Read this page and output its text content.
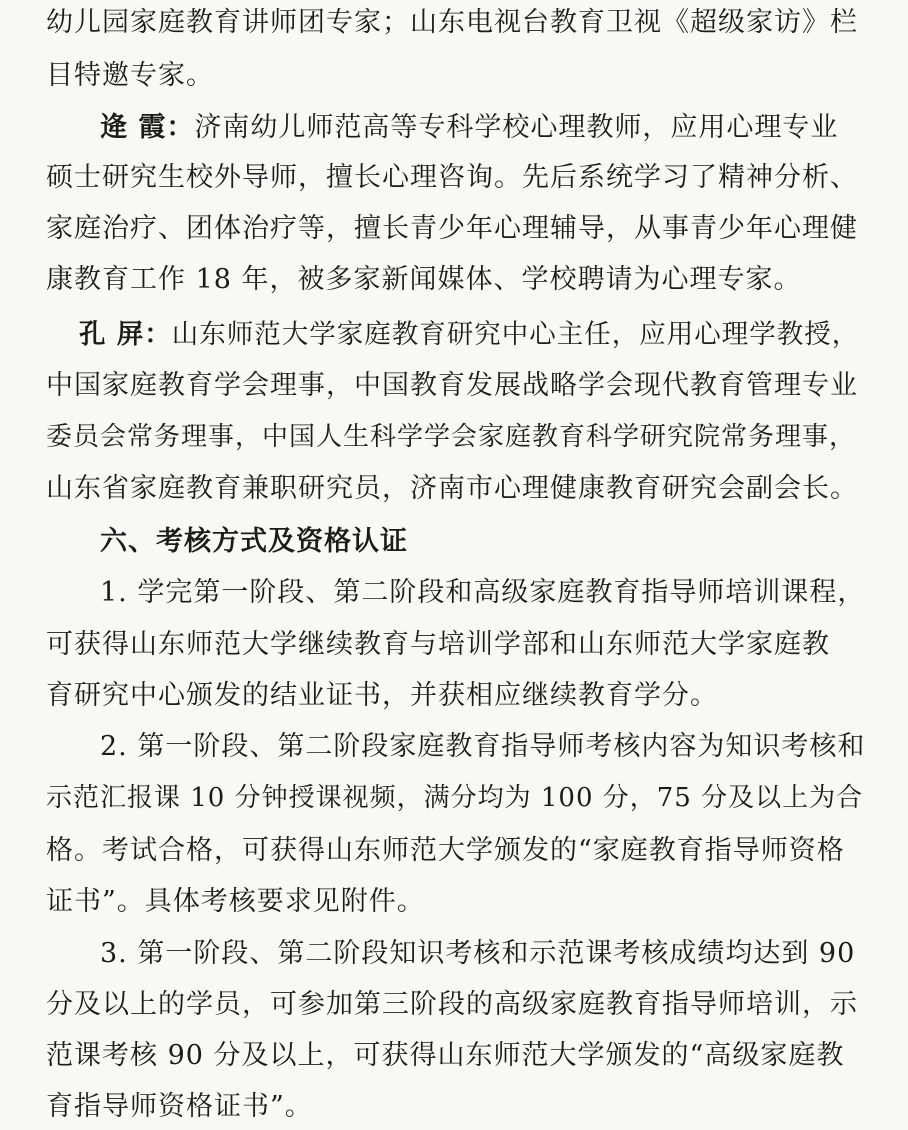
幼儿园家庭教育讲师团专家；山东电视台教育卫视《超级家访》栏
目特邀专家。
逄 霞：济南幼儿师范高等专科学校心理教师，应用心理专业
硕士研究生校外导师，擅长心理咨询。先后系统学习了精神分析、
家庭治疗、团体治疗等，擅长青少年心理辅导，从事青少年心理健
康教育工作 18 年，被多家新闻媒体、学校聘请为心理专家。
孔 屏：山东师范大学家庭教育研究中心主任，应用心理学教授，
中国家庭教育学会理事，中国教育发展战略学会现代教育管理专业
委员会常务理事，中国人生科学学会家庭教育科学研究院常务理事，
山东省家庭教育兼职研究员，济南市心理健康教育研究会副会长。
六、考核方式及资格认证
1. 学完第一阶段、第二阶段和高级家庭教育指导师培训课程，
可获得山东师范大学继续教育与培训学部和山东师范大学家庭教
育研究中心颁发的结业证书，并获相应继续教育学分。
2. 第一阶段、第二阶段家庭教育指导师考核内容为知识考核和
示范汇报课 10 分钟授课视频，满分均为 100 分，75 分及以上为合
格。考试合格，可获得山东师范大学颁发的“家庭教育指导师资格
证书”。具体考核要求见附件。
3. 第一阶段、第二阶段知识考核和示范课考核成绩均达到 90
分及以上的学员，可参加第三阶段的高级家庭教育指导师培训，示
范课考核 90 分及以上，可获得山东师范大学颁发的“高级家庭教
育指导师资格证书”。
